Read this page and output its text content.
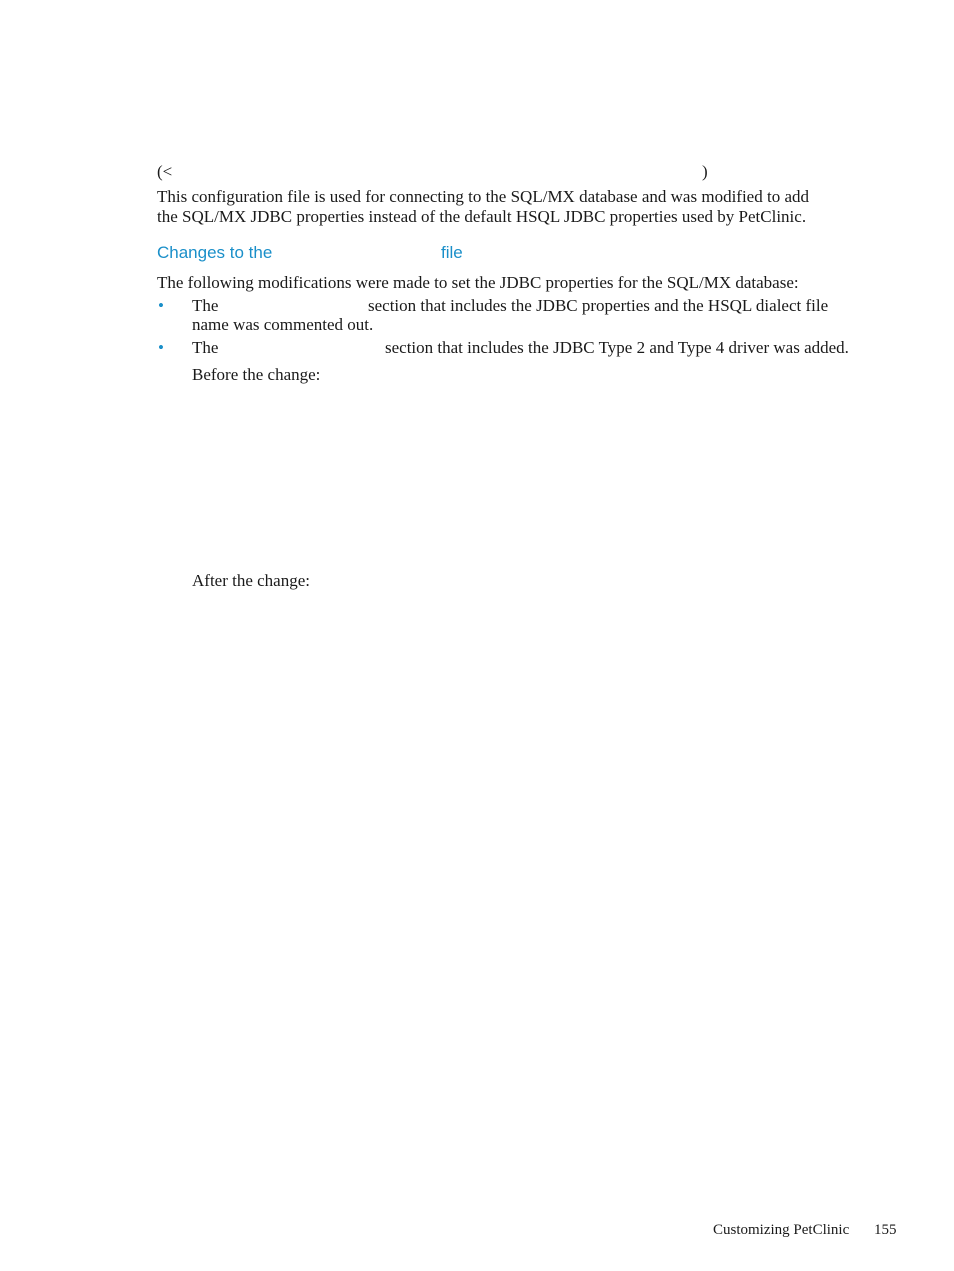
(<	)
This configuration file is used for connecting to the SQL/MX database and was modified to add
the SQL/MX JDBC properties instead of the default HSQL JDBC properties used by PetClinic.
Changes to the	file
The following modifications were made to set the JDBC properties for the SQL/MX database:
• The	section that includes the JDBC properties and the HSQL dialect file
name was commented out.
• The	section that includes the JDBC Type 2 and Type 4 driver was added.
Before the change:
After the change:
Customizing PetClinic 155
